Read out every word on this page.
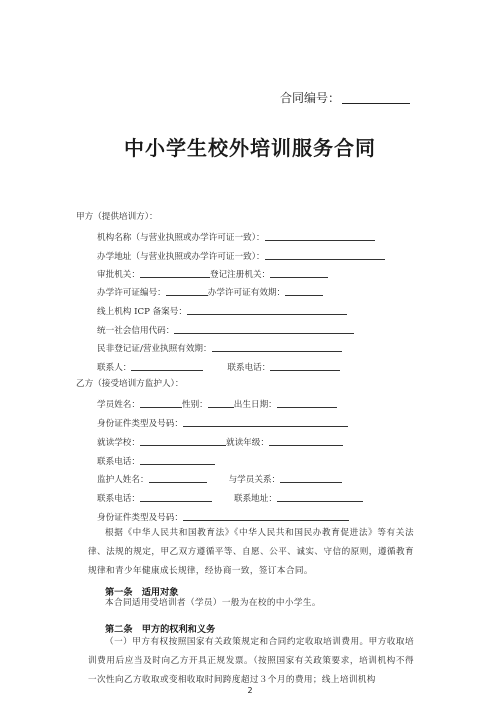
合同编号：
中小学生校外培训服务合同
甲方（提供培训方）：
机构名称（与营业执照或办学许可证一致）：
办学地址（与营业执照或办学许可证一致）：
审批机关：	登记注册机关：
办学许可证编号：	办学许可证有效期：
线上机构 ICP 备案号：
统一社会信用代码：
民非登记证/营业执照有效期：
联系人：	联系电话：
乙方（接受培训方监护人）：
学员姓名：	性别：	出生日期：
身份证件类型及号码：
就读学校：	就读年级：
联系电话：
监护人姓名：	与学员关系：
联系电话：	联系地址：
身份证件类型及号码：
根据《中华人民共和国教育法》《中华人民共和国民办教育促进法》等有关法律、法规的规定，甲乙双方遵循平等、自愿、公平、诚实、守信的原则，遵循教育规律和青少年健康成长规律，经协商一致，签订本合同。
第一条　适用对象
本合同适用受培训者（学员）一般为在校的中小学生。
第二条　甲方的权利和义务
（一）甲方有权按照国家有关政策规定和合同约定收取培训费用。甲方收取培训费用后应当及时向乙方开具正规发票。（按照国家有关政策要求，培训机构不得一次性向乙方收取或变相收取时间跨度超过３个月的费用；线上培训机构
2
